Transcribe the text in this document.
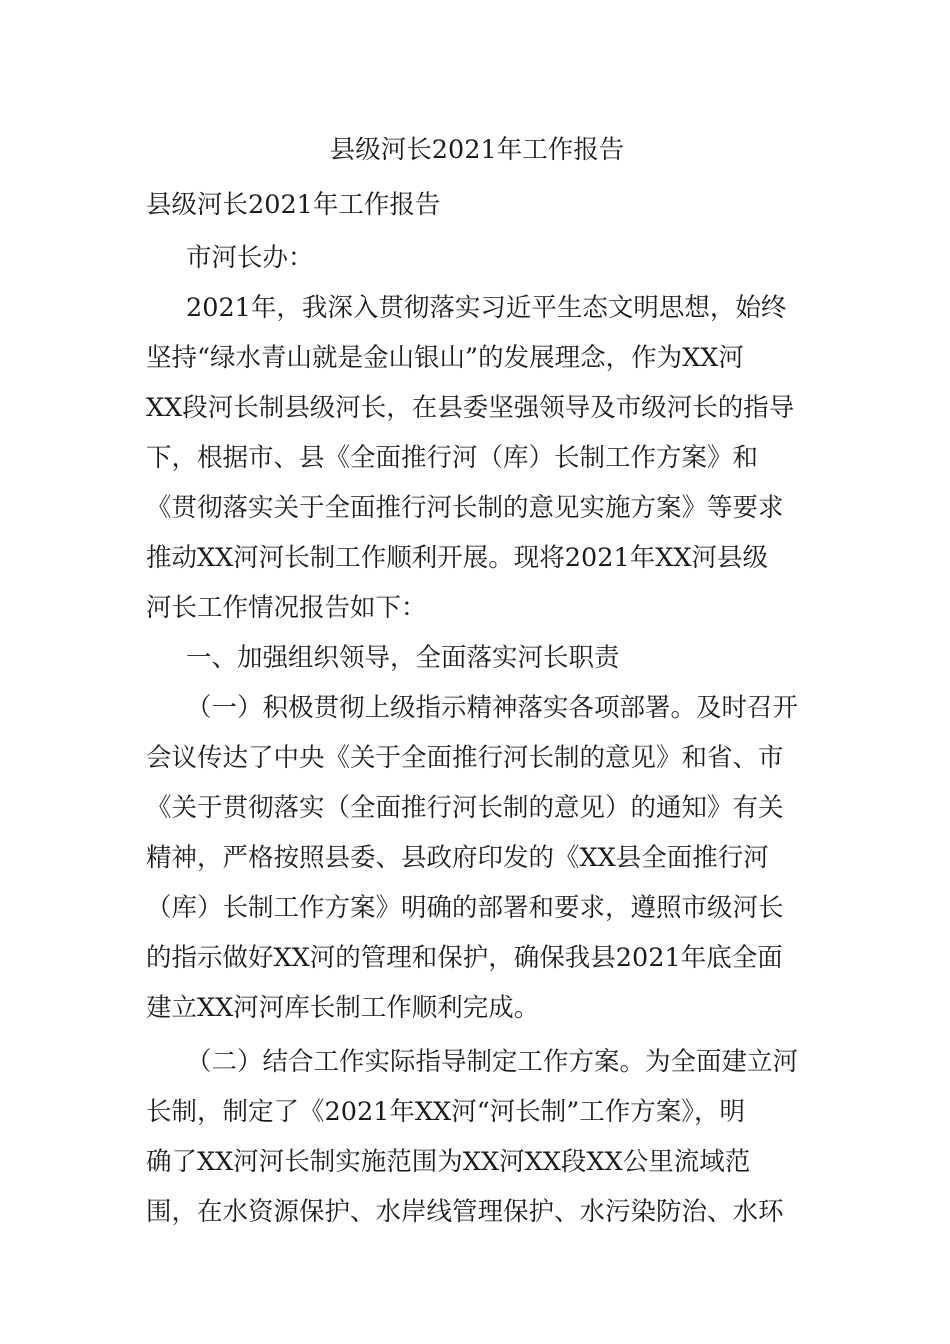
县级河长2021年工作报告
县级河长2021年工作报告
市河长办：
2021年，我深入贯彻落实习近平生态文明思想，始终
坚持“绿水青山就是金山银山”的发展理念，作为XX河
XX段河长制县级河长，在县委坚强领导及市级河长的指导
下，根据市、县《全面推行河（库）长制工作方案》和
《贯彻落实关于全面推行河长制的意见实施方案》等要求
推动XX河河长制工作顺利开展。现将2021年XX河县级
河长工作情况报告如下：
一、加强组织领导，全面落实河长职责
（一）积极贯彻上级指示精神落实各项部署。及时召开
会议传达了中央《关于全面推行河长制的意见》和省、市
《关于贯彻落实（全面推行河长制的意见）的通知》有关
精神，严格按照县委、县政府印发的《XX县全面推行河
（库）长制工作方案》明确的部署和要求，遵照市级河长
的指示做好XX河的管理和保护，确保我县2021年底全面
建立XX河河库长制工作顺利完成。
（二）结合工作实际指导制定工作方案。为全面建立河
长制，制定了《2021年XX河“河长制”工作方案》，明
确了XX河河长制实施范围为XX河XX段XX公里流域范
围，在水资源保护、水岸线管理保护、水污染防治、水环
